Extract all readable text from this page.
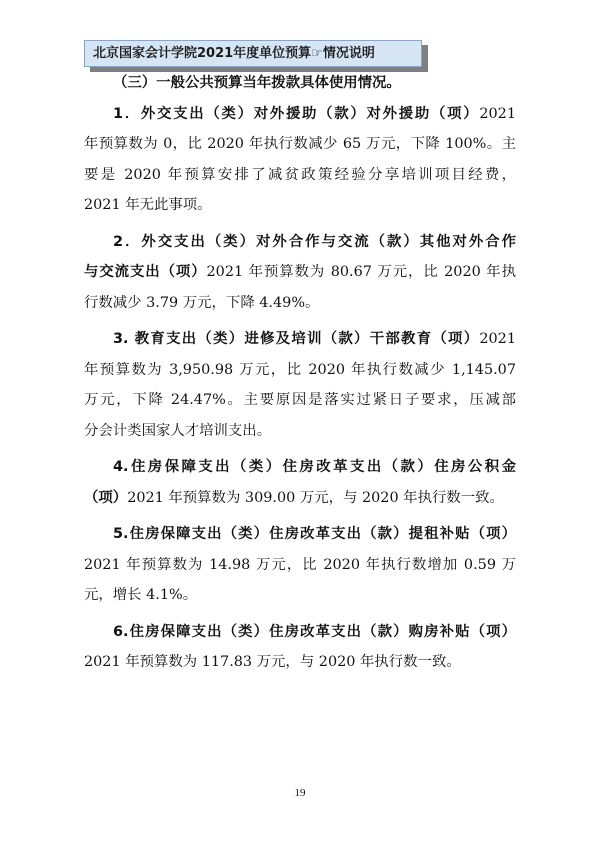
北京国家会计学院2021年度单位预算☞情况说明

（三）一般公共预算当年拨款具体使用情况。

1．外交支出（类）对外援助（款）对外援助（项）2021

年预算数为 0，比 2020 年执行数减少 65 万元，下降 100%。主

要是 2020 年预算安排了减贫政策经验分享培训项目经费，

2021 年无此事项。

2．外交支出（类）对外合作与交流（款）其他对外合作

与交流支出（项）2021 年预算数为 80.67 万元，比 2020 年执

行数减少 3.79 万元，下降 4.49%。

3. 教育支出（类）进修及培训（款）干部教育（项）2021

年预算数为 3,950.98 万元，比 2020 年执行数减少 1,145.07

万元，下降 24.47%。主要原因是落实过紧日子要求，压减部

分会计类国家人才培训支出。

4.住房保障支出（类）住房改革支出（款）住房公积金

（项）2021 年预算数为 309.00 万元，与 2020 年执行数一致。

5.住房保障支出（类）住房改革支出（款）提租补贴（项）

2021 年预算数为 14.98 万元，比 2020 年执行数增加 0.59 万

元，增长 4.1%。

6.住房保障支出（类）住房改革支出（款）购房补贴（项）

2021 年预算数为 117.83 万元，与 2020 年执行数一致。

19
